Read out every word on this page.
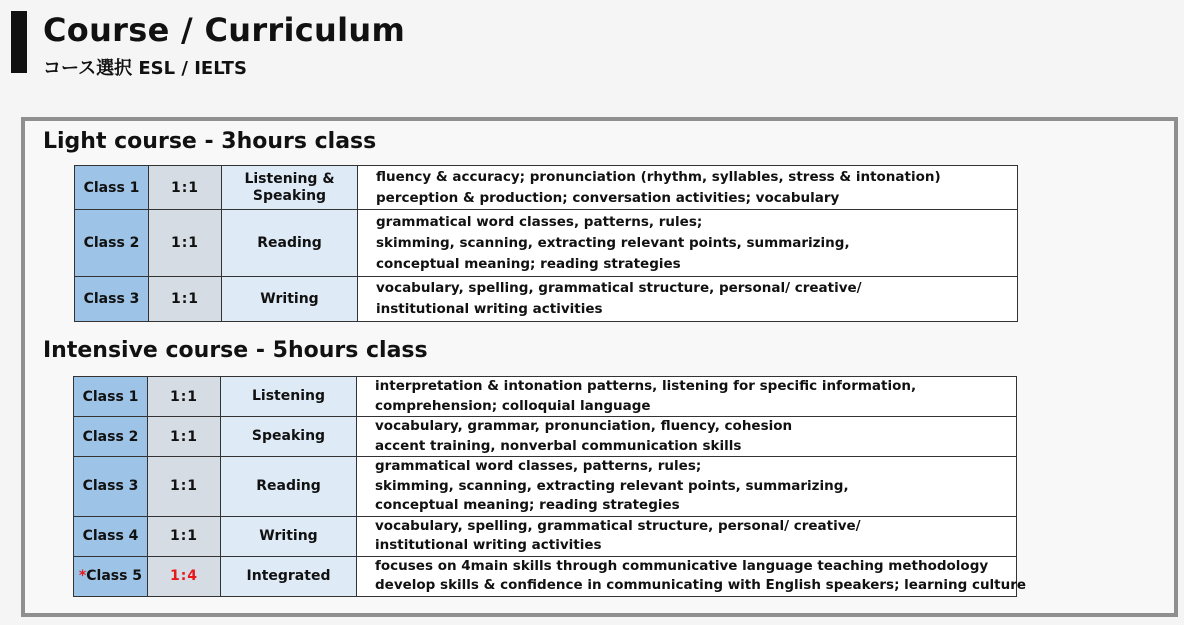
Course / Curriculum
コース選択 ESL / IELTS
Light course - 3hours class
Class 1	1:1	Listening & Speaking	fluency & accuracy; pronunciation (rhythm, syllables, stress & intonation)
perception & production; conversation activities; vocabulary

Class 2	1:1	Reading	grammatical word classes, patterns, rules;
skimming, scanning, extracting relevant points, summarizing,
conceptual meaning; reading strategies

Class 3	1:1	Writing	vocabulary, spelling, grammatical structure, personal/ creative/
institutional writing activities
Intensive course - 5hours class
Class 1	1:1	Listening	interpretation & intonation patterns, listening for specific information,
comprehension; colloquial language

Class 2	1:1	Speaking	vocabulary, grammar, pronunciation, fluency, cohesion
accent training, nonverbal communication skills

Class 3	1:1	Reading	grammatical word classes, patterns, rules;
skimming, scanning, extracting relevant points, summarizing,
conceptual meaning; reading strategies

Class 4	1:1	Writing	vocabulary, spelling, grammatical structure, personal/ creative/
institutional writing activities

*Class 5	1:4	Integrated	focuses on 4main skills through communicative language teaching methodology
develop skills & confidence in communicating with English speakers; learning culture
